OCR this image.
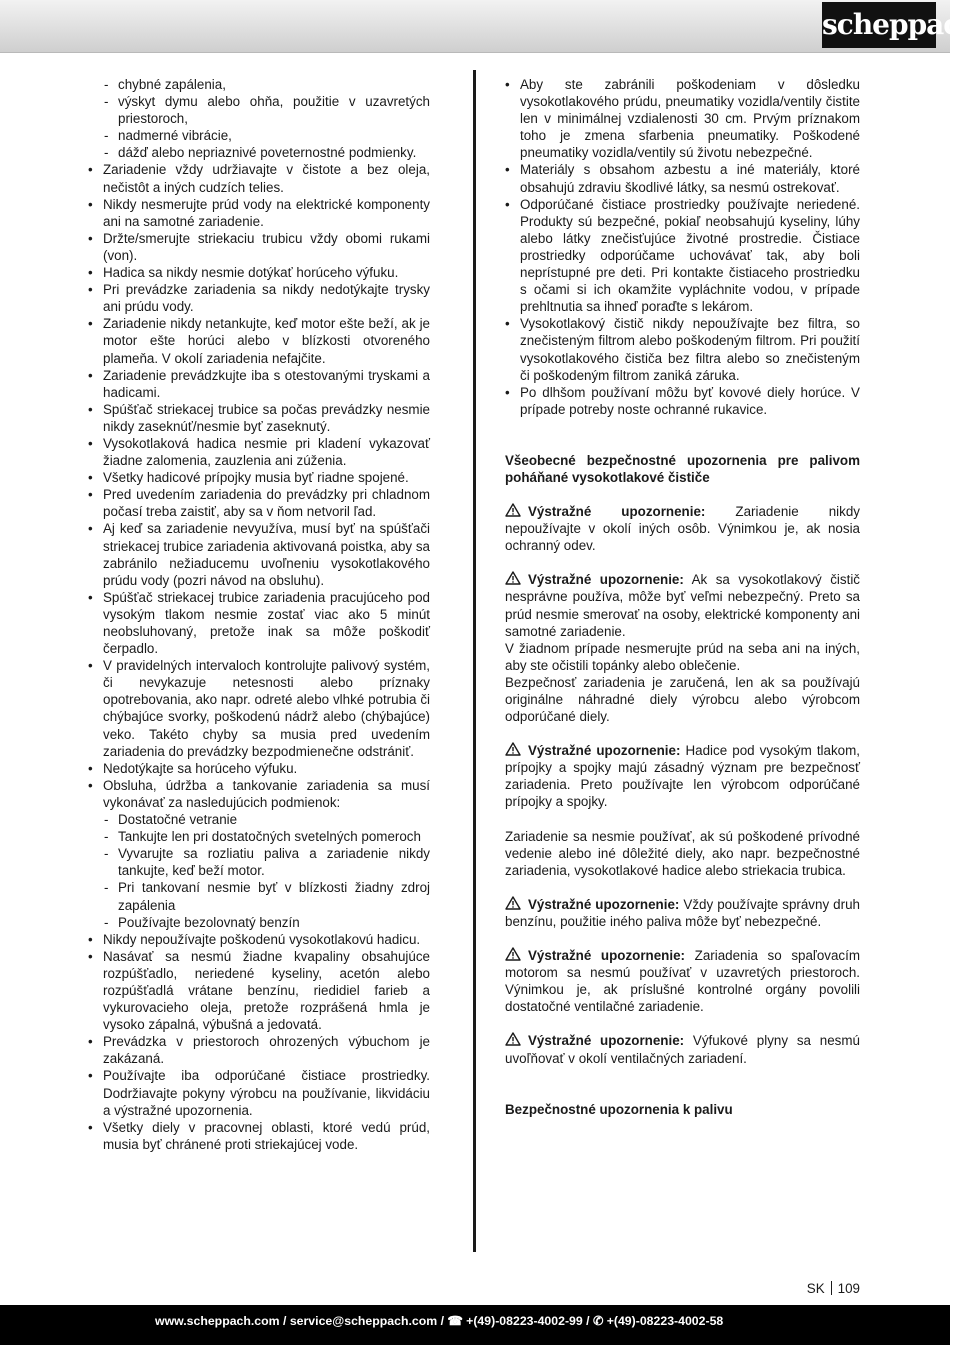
scheppach
- chybné zapálenia,
- výskyt dymu alebo ohňa, použitie v uzavretých priestoroch,
- nadmerné vibrácie,
- dážď alebo nepriaznivé poveternostné podmienky.
• Zariadenie vždy udržiavajte v čistote a bez oleja, nečistôt a iných cudzích telies.
• Nikdy nesmerujte prúd vody na elektrické komponenty ani na samotné zariadenie.
• Držte/smerujte striekaciu trubicu vždy obomi rukami (von).
• Hadica sa nikdy nesmie dotýkať horúceho výfuku.
• Pri prevádzke zariadenia sa nikdy nedotýkajte trysky ani prúdu vody.
• Zariadenie nikdy netankujte, keď motor ešte beží, ak je motor ešte horúci alebo v blízkosti otvoreného plameňa. V okolí zariadenia nefajčite.
• Zariadenie prevádzkujte iba s otestovanými tryskami a hadicami.
• Spúšťač striekacej trubice sa počas prevádzky nesmie nikdy zaseknúť/nesmie byť zaseknutý.
• Vysokotlaková hadica nesmie pri kladení vykazovať žiadne zalomenia, zauzlenia ani zúženia.
• Všetky hadicové prípojky musia byť riadne spojené.
• Pred uvedením zariadenia do prevádzky pri chladnom počasí treba zaistiť, aby sa v ňom netvoril ľad.
• Aj keď sa zariadenie nevyužíva, musí byť na spúšťači striekacej trubice zariadenia aktivovaná poistka, aby sa zabránilo nežiaducemu uvoľneniu vysokotlakového prúdu vody (pozri návod na obsluhu).
• Spúšťač striekacej trubice zariadenia pracujúceho pod vysokým tlakom nesmie zostať viac ako 5 minút neobsluhovaný, pretože inak sa môže poškodiť čerpadlo.
• V pravidelných intervaloch kontrolujte palivový systém, či nevykazuje netesnosti alebo príznaky opotrebovania, ako napr. odreté alebo vlhké potrubia či chýbajúce svorky, poškodenú nádrž alebo (chýbajúce) veko. Takéto chyby sa musia pred uvedením zariadenia do prevádzky bezpodmienečne odstrániť.
• Nedotýkajte sa horúceho výfuku.
• Obsluha, údržba a tankovanie zariadenia sa musí vykonávať za nasledujúcich podmienok:
- Dostatočné vetranie
- Tankujte len pri dostatočných svetelných pomeroch
- Vyvarujte sa rozliatiu paliva a zariadenie nikdy tankujte, keď beží motor.
- Pri tankovaní nesmie byť v blízkosti žiadny zdroj zapálenia
- Používajte bezolovnatý benzín
• Nikdy nepoužívajte poškodenú vysokotlakovú hadicu.
• Nasávať sa nesmú žiadne kvapaliny obsahujúce rozpúšťadlo, neriedené kyseliny, acetón alebo rozpúšťadlá vrátane benzínu, riedidiel farieb a vykurovacieho oleja, pretože rozprášená hmla je vysoko zápalná, výbušná a jedovatá.
• Prevádzka v priestoroch ohrozených výbuchom je zakázaná.
• Používajte iba odporúčané čistiace prostriedky. Dodržiavajte pokyny výrobcu na používanie, likvidáciu a výstražné upozornenia.
• Všetky diely v pracovnej oblasti, ktoré vedú prúd, musia byť chránené proti striekajúcej vode.
• Aby ste zabránili poškodeniam v dôsledku vysokotlakového prúdu, pneumatiky vozidla/ventily čistite len v minimálnej vzdialenosti 30 cm. Prvým príznakom toho je zmena sfarbenia pneumatiky. Poškodené pneumatiky vozidla/ventily sú životu nebezpečné.
• Materiály s obsahom azbestu a iné materiály, ktoré obsahujú zdraviu škodlivé látky, sa nesmú ostrekovať.
• Odporúčané čistiace prostriedky používajte neriedené. Produkty sú bezpečné, pokiaľ neobsahujú kyseliny, lúhy alebo látky znečisťujúce životné prostredie. Čistiace prostriedky odporúčame uchovávať tak, aby boli neprístupné pre deti. Pri kontakte čistiaceho prostriedku s očami si ich okamžite vypláchnite vodou, v prípade prehltnutia sa ihneď poraďte s lekárom.
• Vysokotlakový čistič nikdy nepoužívajte bez filtra, so znečisteným filtrom alebo poškodeným filtrom. Pri použití vysokotlakového čističa bez filtra alebo so znečisteným či poškodeným filtrom zaniká záruka.
• Po dlhšom používaní môžu byť kovové diely horúce. V prípade potreby noste ochranné rukavice.

Všeobecné bezpečnostné upozornenia pre palivom poháňané vysokotlakové čističe

Výstražné upozornenie: Zariadenie nikdy nepoužívajte v okolí iných osôb. Výnimkou je, ak nosia ochranný odev.

Výstražné upozornenie: Ak sa vysokotlakový čistič nesprávne používa, môže byť veľmi nebezpečný. Preto sa prúd nesmie smerovať na osoby, elektrické komponenty ani samotné zariadenie.

V žiadnom prípade nesmerujte prúd na seba ani na iných, aby ste očistili topánky alebo oblečenie.

Bezpečnosť zariadenia je zaručená, len ak sa používajú originálne náhradné diely výrobcu alebo výrobcom odporúčané diely.

Výstražné upozornenie: Hadice pod vysokým tlakom, prípojky a spojky majú zásadný význam pre bezpečnosť zariadenia. Preto používajte len výrobcom odporúčané prípojky a spojky.

Zariadenie sa nesmie používať, ak sú poškodené prívodné vedenie alebo iné dôležité diely, ako napr. bezpečnostné zariadenia, vysokotlakové hadice alebo striekacia trubica.

Výstražné upozornenie: Vždy používajte správny druh benzínu, použitie iného paliva môže byť nebezpečné.

Výstražné upozornenie: Zariadenia so spaľovacím motorom sa nesmú používať v uzavretých priestoroch. Výnimkou je, ak príslušné kontrolné orgány povolili dostatočné ventilačné zariadenie.

Výstražné upozornenie: Výfukové plyny sa nesmú uvoľňovať v okolí ventilačných zariadení.

Bezpečnostné upozornenia k palivu

SK 109
www.scheppach.com / service@scheppach.com / ☎ +(49)-08223-4002-99 / ✆ +(49)-08223-4002-58
